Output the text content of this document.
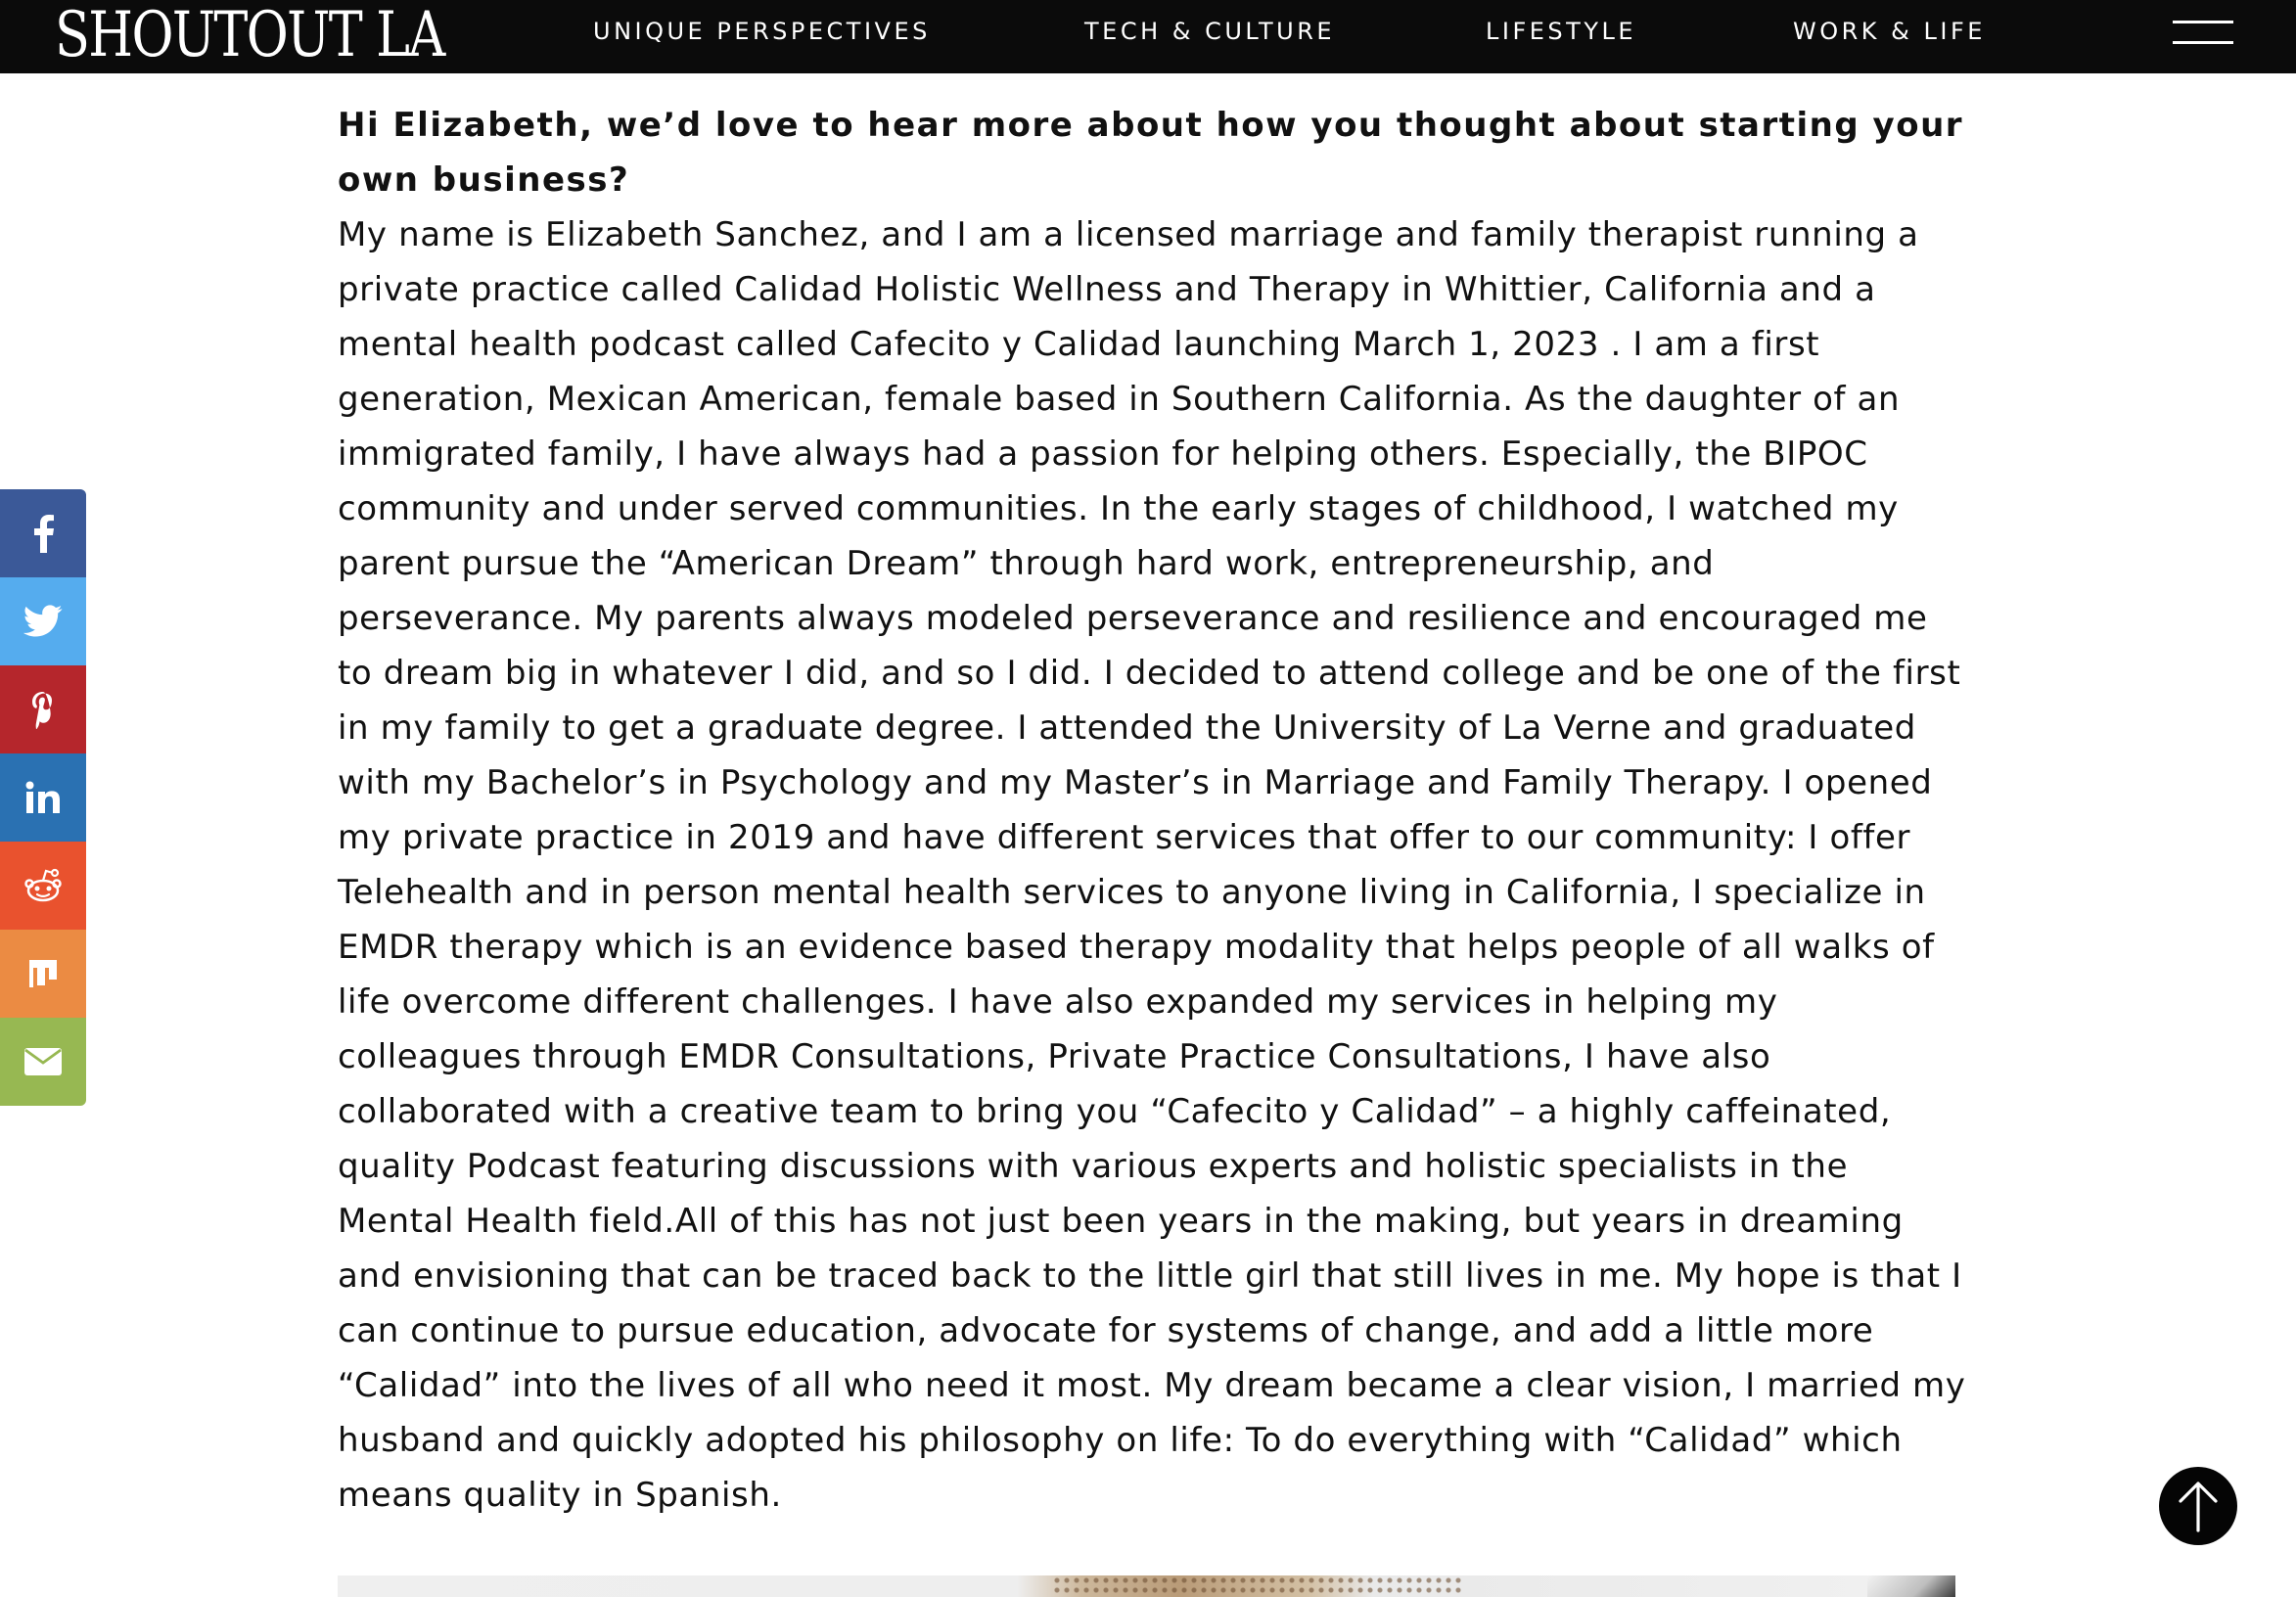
SHOUTOUT LA	UNIQUE PERSPECTIVES	TECH & CULTURE	LIFESTYLE	WORK & LIFE

Hi Elizabeth, we’d love to hear more about how you thought about starting your own business?

My name is Elizabeth Sanchez, and I am a licensed marriage and family therapist running a private practice called Calidad Holistic Wellness and Therapy in Whittier, California and a mental health podcast called Cafecito y Calidad launching March 1, 2023 . I am a first generation, Mexican American, female based in Southern California. As the daughter of an immigrated family, I have always had a passion for helping others. Especially, the BIPOC community and under served communities. In the early stages of childhood, I watched my parent pursue the “American Dream” through hard work, entrepreneurship, and perseverance. My parents always modeled perseverance and resilience and encouraged me to dream big in whatever I did, and so I did. I decided to attend college and be one of the first in my family to get a graduate degree. I attended the University of La Verne and graduated with my Bachelor’s in Psychology and my Master’s in Marriage and Family Therapy. I opened my private practice in 2019 and have different services that offer to our community: I offer Telehealth and in person mental health services to anyone living in California, I specialize in EMDR therapy which is an evidence based therapy modality that helps people of all walks of life overcome different challenges. I have also expanded my services in helping my colleagues through EMDR Consultations, Private Practice Consultations, I have also collaborated with a creative team to bring you “Cafecito y Calidad” – a highly caffeinated, quality Podcast featuring discussions with various experts and holistic specialists in the Mental Health field.All of this has not just been years in the making, but years in dreaming and envisioning that can be traced back to the little girl that still lives in me. My hope is that I can continue to pursue education, advocate for systems of change, and add a little more “Calidad” into the lives of all who need it most. My dream became a clear vision, I married my husband and quickly adopted his philosophy on life: To do everything with “Calidad” which means quality in Spanish.
